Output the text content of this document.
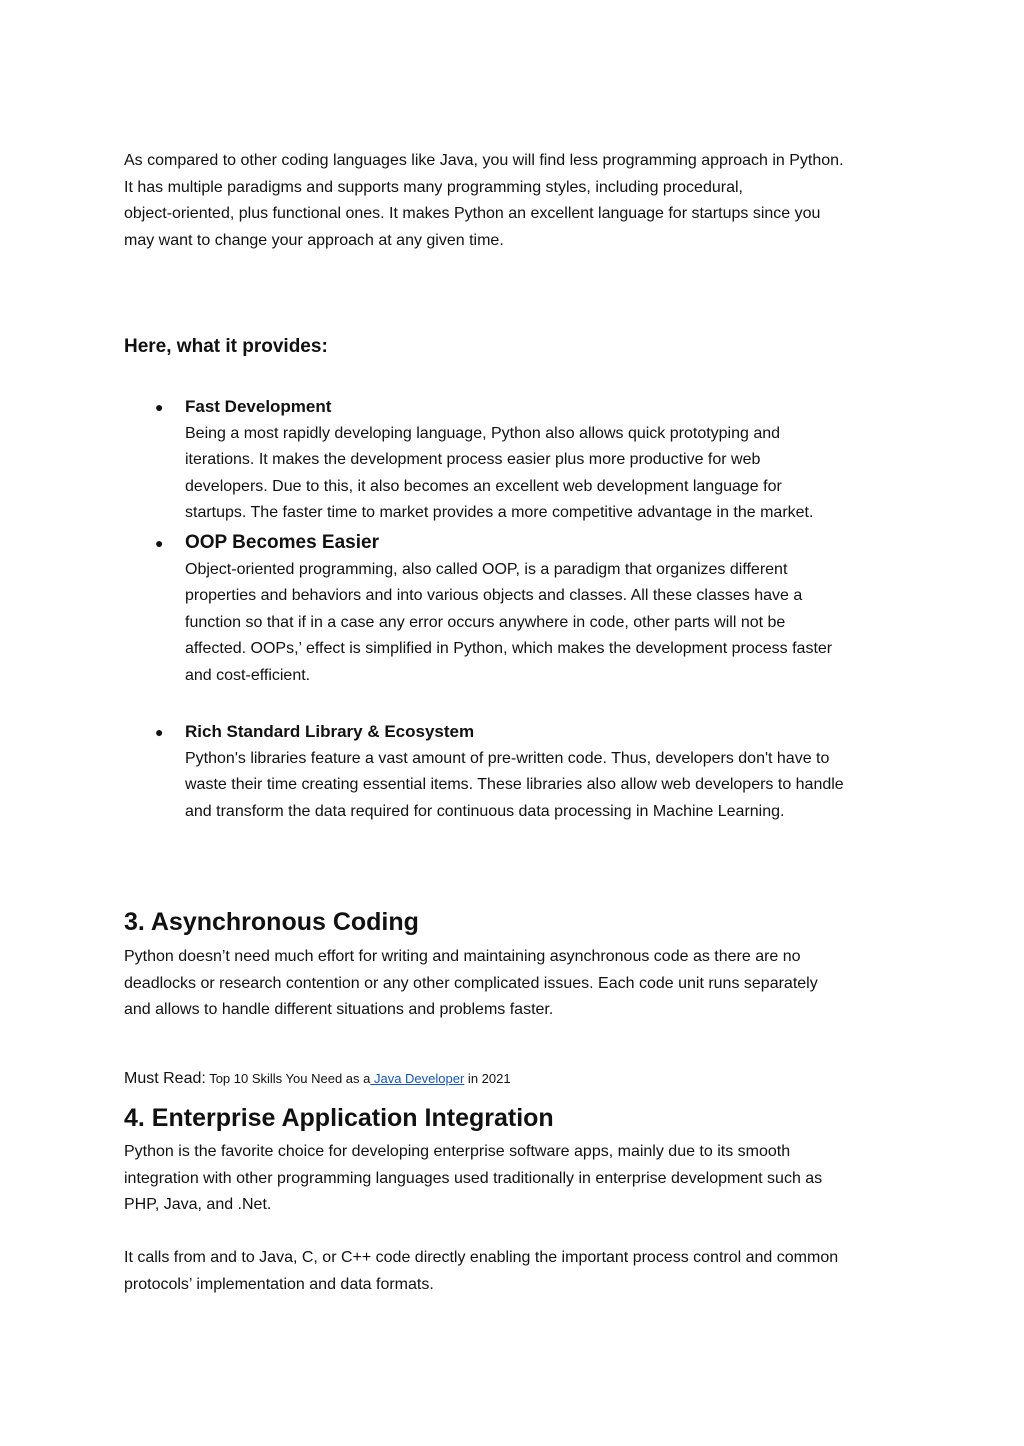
As compared to other coding languages like Java, you will find less programming approach in Python.
It has multiple paradigms and supports many programming styles, including procedural,
object-oriented, plus functional ones. It makes Python an excellent language for startups since you
may want to change your approach at any given time.

Here, what it provides:
● Fast Development

Being a most rapidly developing language, Python also allows quick prototyping and
iterations. It makes the development process easier plus more productive for web
developers. Due to this, it also becomes an excellent web development language for
startups. The faster time to market provides a more competitive advantage in the market.

● OOP Becomes Easier

Object-oriented programming, also called OOP, is a paradigm that organizes different
properties and behaviors and into various objects and classes. All these classes have a
function so that if in a case any error occurs anywhere in code, other parts will not be
affected. OOPs,’ effect is simplified in Python, which makes the development process faster
and cost-efficient.

● Rich Standard Library & Ecosystem

Python's libraries feature a vast amount of pre-written code. Thus, developers don't have to
waste their time creating essential items. These libraries also allow web developers to handle
and transform the data required for continuous data processing in Machine Learning.

3. Asynchronous Coding

Python doesn’t need much effort for writing and maintaining asynchronous code as there are no
deadlocks or research contention or any other complicated issues. Each code unit runs separately
and allows to handle different situations and problems faster.

Must Read: Top 10 Skills You Need as a Java Developer in 2021

4. Enterprise Application Integration

Python is the favorite choice for developing enterprise software apps, mainly due to its smooth
integration with other programming languages used traditionally in enterprise development such as
PHP, Java, and .Net.

It calls from and to Java, C, or C++ code directly enabling the important process control and common
protocols’ implementation and data formats.
